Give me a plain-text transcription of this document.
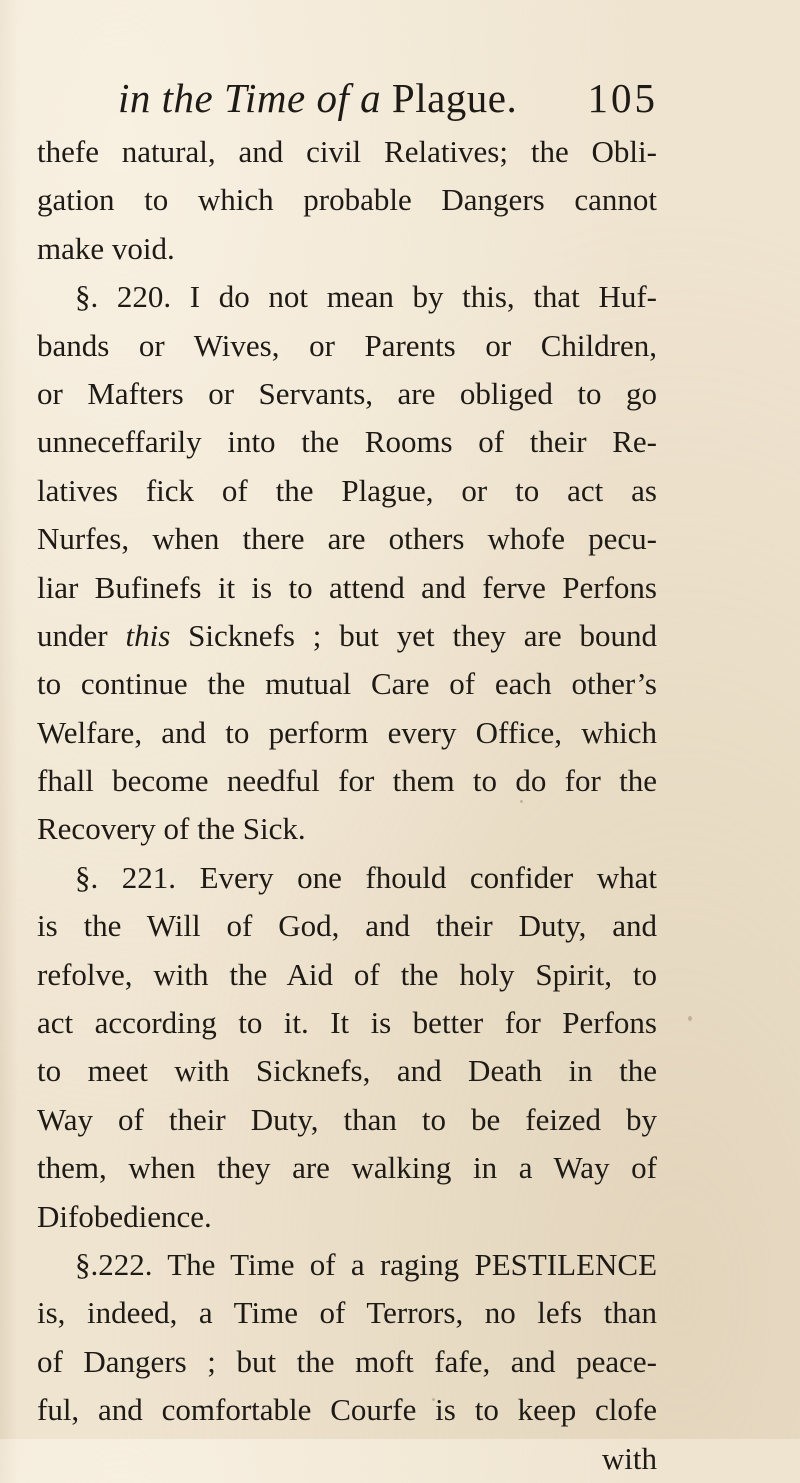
in the Time of a Plague. 105
thefe natural, and civil Relatives; the Obli-
gation to which probable Dangers cannot
make void.
§. 220. I do not mean by this, that Huf-
bands or Wives, or Parents or Children,
or Mafters or Servants, are obliged to go
unneceffarily into the Rooms of their Re-
latives fick of the Plague, or to act as
Nurfes, when there are others whofe pecu-
liar Bufinefs it is to attend and ferve Perfons
under this Sicknefs ; but yet they are bound
to continue the mutual Care of each other’s
Welfare, and to perform every Office, which
fhall become needful for them to do for the
Recovery of the Sick.
§. 221. Every one fhould confider what
is the Will of God, and their Duty, and
refolve, with the Aid of the holy Spirit, to
act according to it. It is better for Perfons
to meet with Sicknefs, and Death in the
Way of their Duty, than to be feized by
them, when they are walking in a Way of
Difobedience.
§.222. The Time of a raging PESTILENCE
is, indeed, a Time of Terrors, no lefs than
of Dangers ; but the moft fafe, and peace-
ful, and comfortable Courfe is to keep clofe
with
